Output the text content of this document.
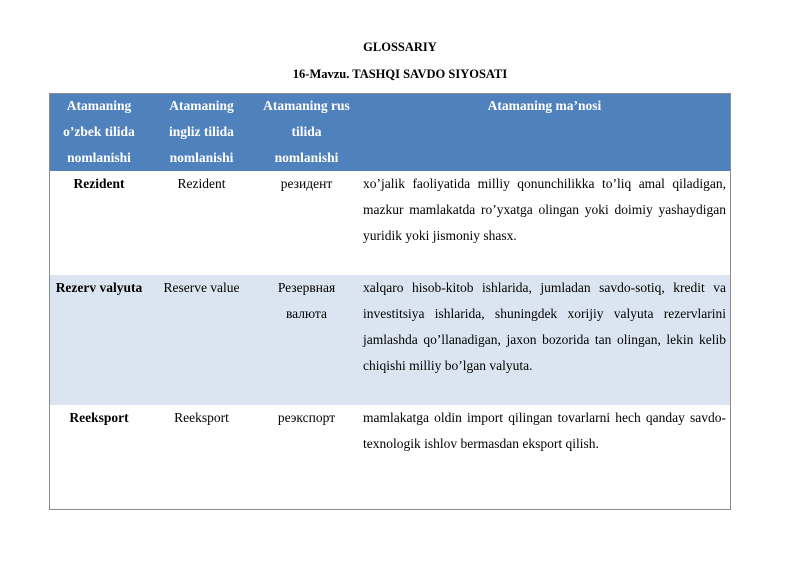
GLOSSARIY
16-Mavzu. TASHQI SAVDO SIYOSATI
Atamaning o’zbek tilida nomlanishi	Atamaning ingliz tilida nomlanishi	Atamaning rus tilida nomlanishi	Atamaning ma’nosi
Rezident	Rezident	резидент	xo’jalik faoliyatida milliy qonunchilikka to’liq amal qiladigan, mazkur mamlakatda ro’yxatga olingan yoki doimiy yashaydigan yuridik yoki jismoniy shasx.
Rezerv valyuta	Reserve value	Резервная валюта	xalqaro hisob-kitob ishlarida, jumladan savdo-sotiq, kredit va investitsiya ishlarida, shuningdek xorijiy valyuta rezervlarini jamlashda qo’llanadigan, jaxon bozorida tan olingan, lekin kelib chiqishi milliy bo’lgan valyuta.
Reeksport	Reeksport	реэкспорт	mamlakatga oldin import qilingan tovarlarni hech qanday savdo-texnologik ishlov bermasdan eksport qilish.
